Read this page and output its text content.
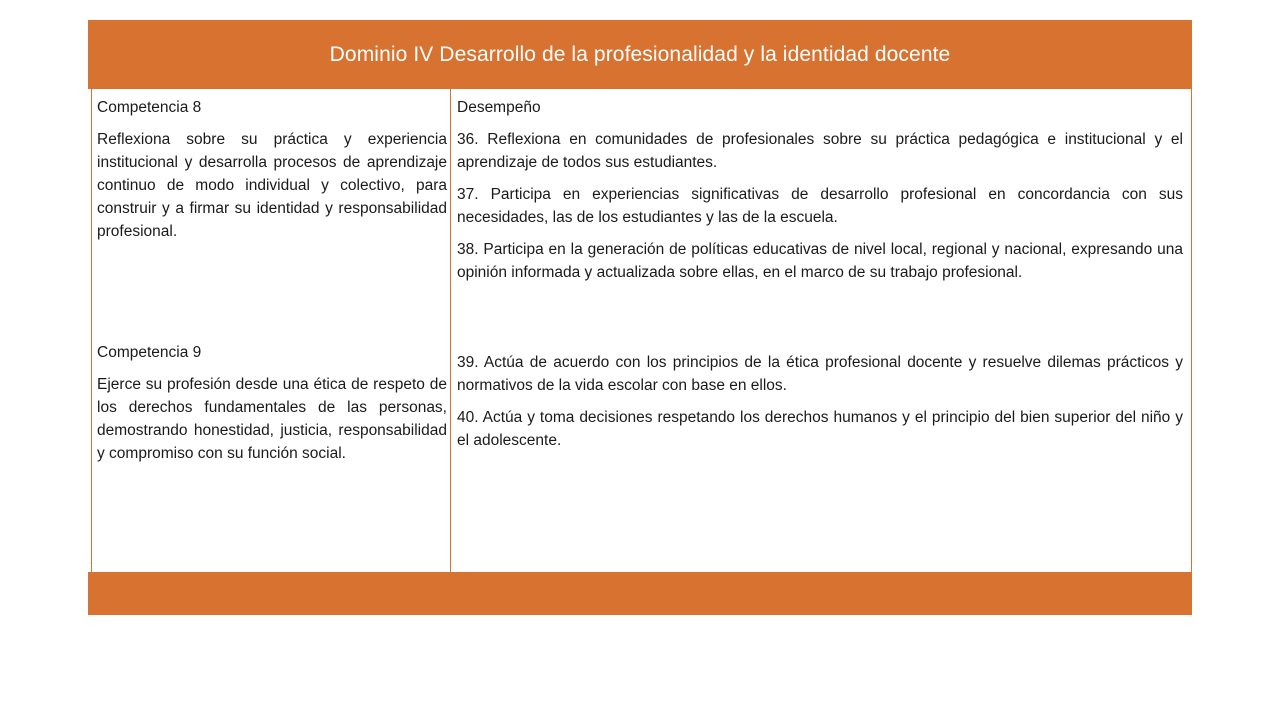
Dominio IV Desarrollo de la profesionalidad y la identidad docente
Competencia 8
Reflexiona sobre su práctica y experiencia institucional y desarrolla procesos de aprendizaje continuo de modo individual y colectivo, para construir y a firmar su identidad y responsabilidad profesional.
Competencia 9
Ejerce su profesión desde una ética de respeto de los derechos fundamentales de las personas, demostrando honestidad, justicia, responsabilidad y compromiso con su función social.
Desempeño
36. Reflexiona en comunidades de profesionales sobre su práctica pedagógica e institucional y el aprendizaje de todos sus estudiantes.
37. Participa en experiencias significativas de desarrollo profesional en concordancia con sus necesidades, las de los estudiantes y las de la escuela.
38. Participa en la generación de políticas educativas de nivel local, regional y nacional, expresando una opinión informada y actualizada sobre ellas, en el marco de su trabajo profesional.
39. Actúa de acuerdo con los principios de la ética profesional docente y resuelve dilemas prácticos y normativos de la vida escolar con base en ellos.
40. Actúa y toma decisiones respetando los derechos humanos y el principio del bien superior del niño y el adolescente.
